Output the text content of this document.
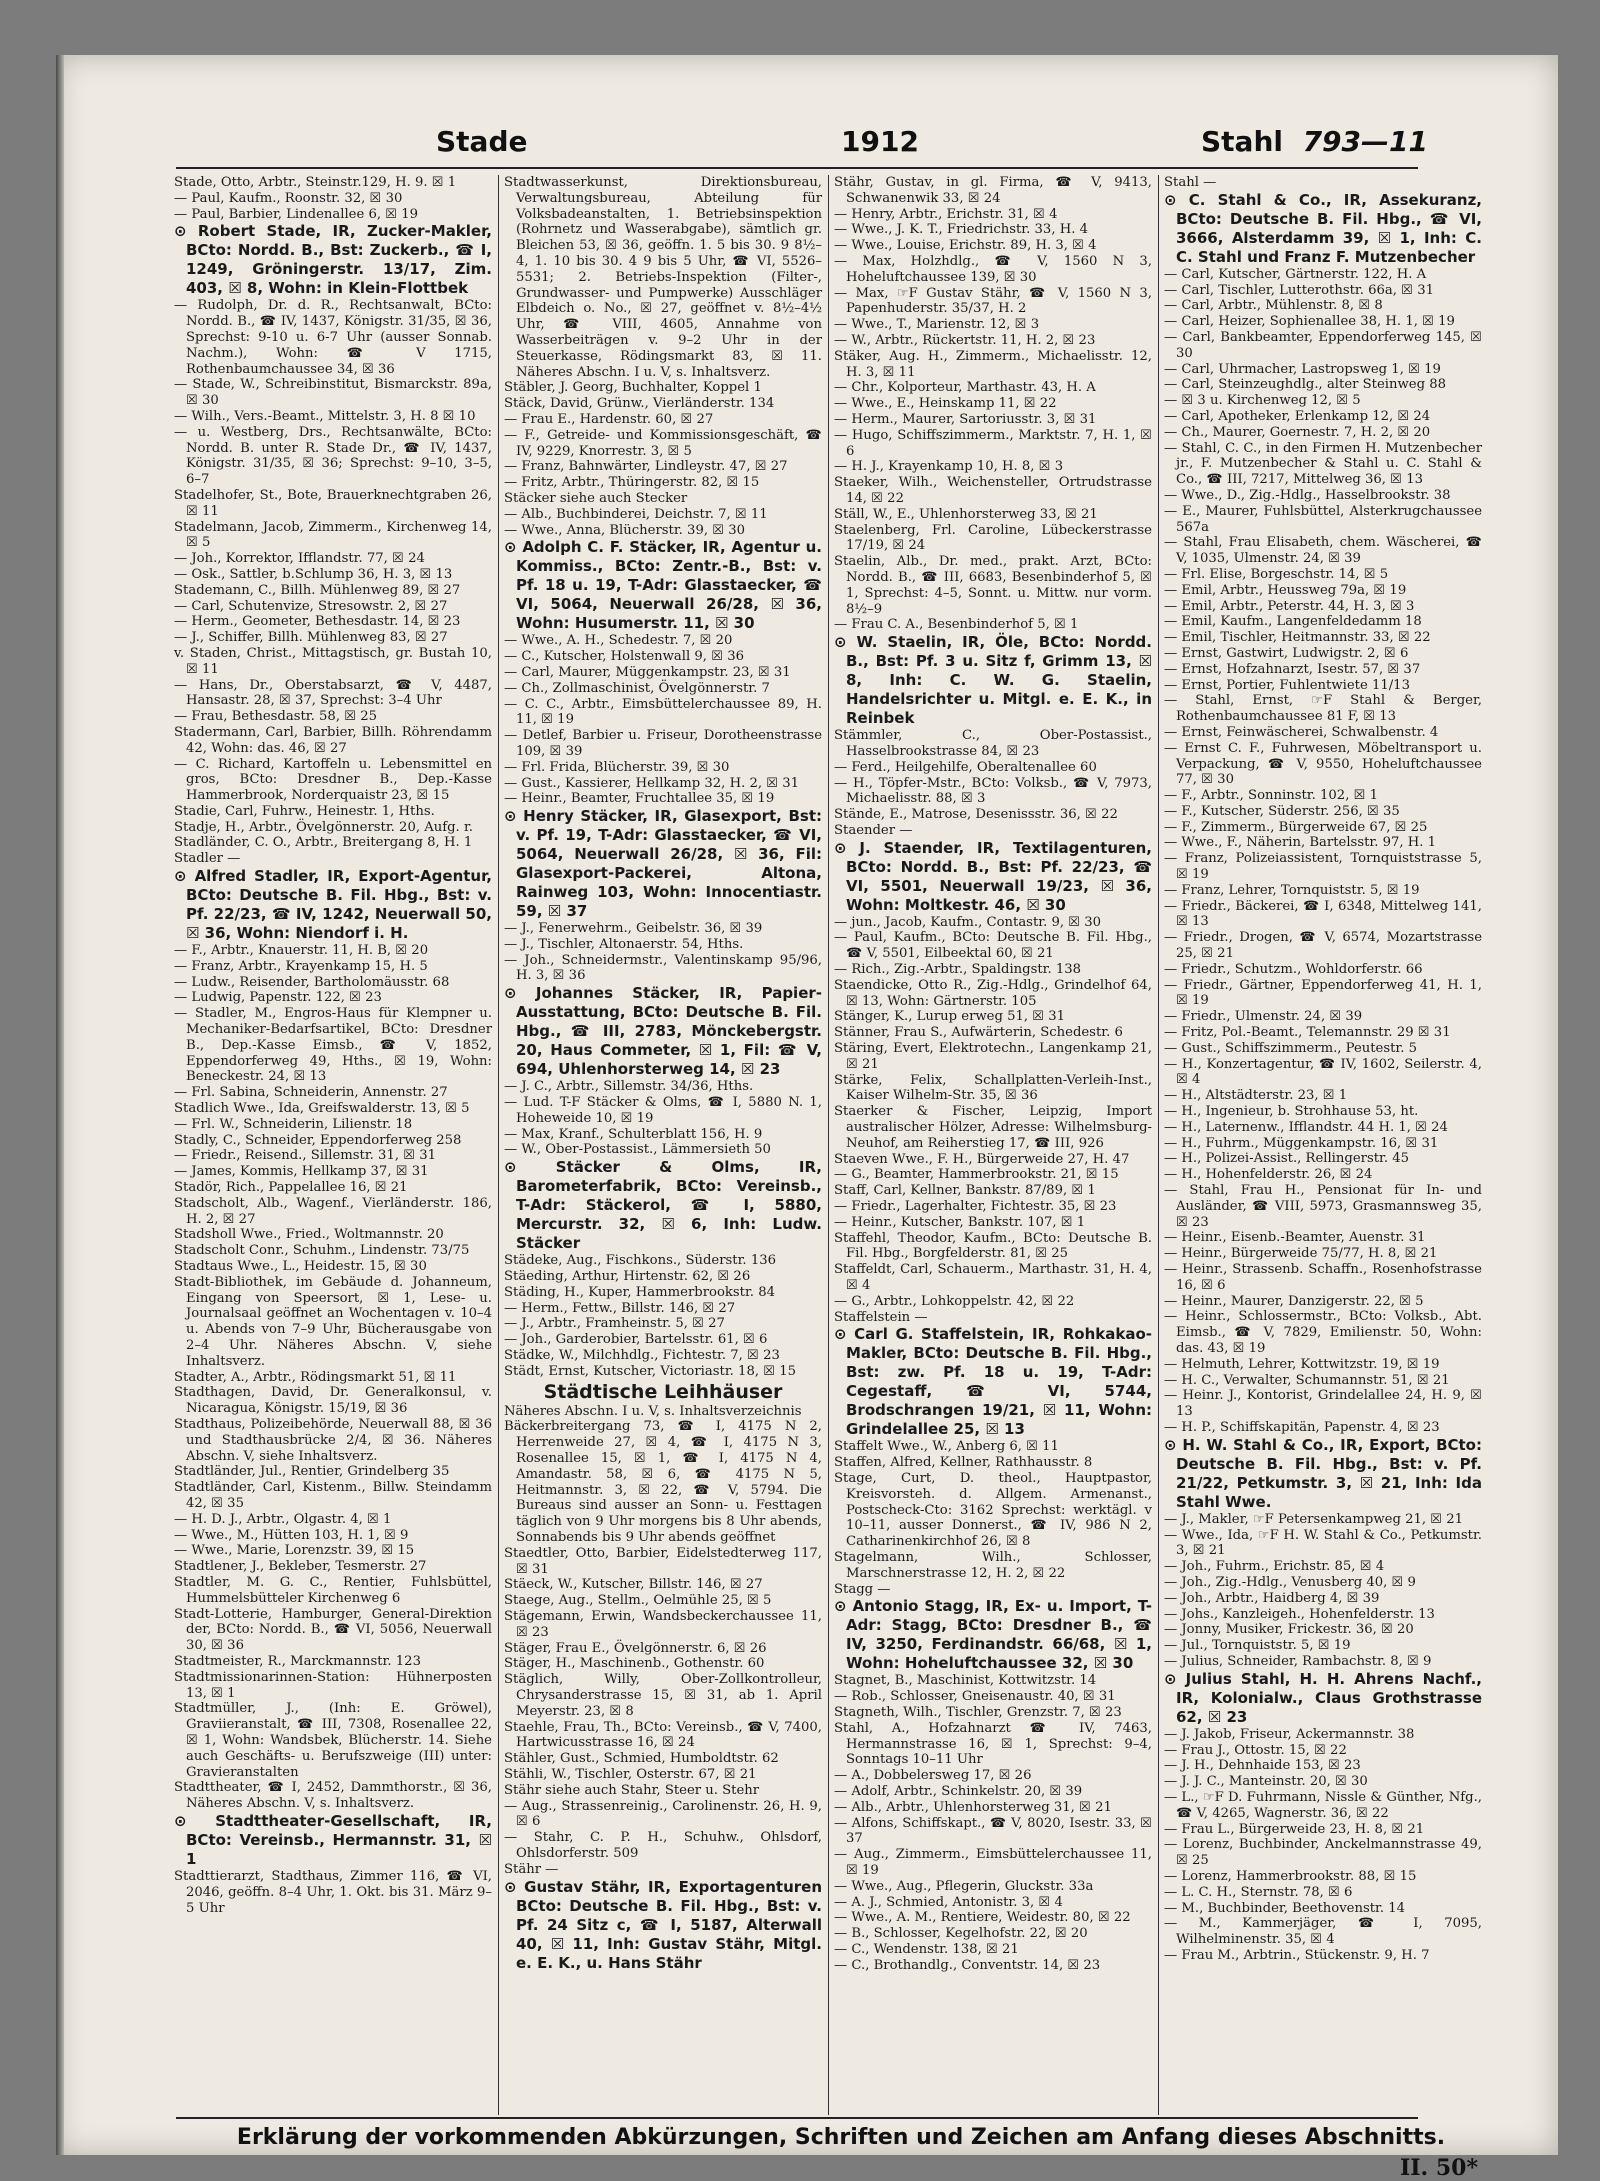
Stade	1912	Stahl 793—11

Stade, Otto, Arbtr., Steinstr.129, H. 9. ☒ 1

— Paul, Kaufm., Roonstr. 32, ☒ 30

— Paul, Barbier, Lindenallee 6, ☒ 19

⊙ Robert Stade, IR, Zucker-Makler, BCto: Nordd. B., Bst: Zuckerb., ☎ I, 1249, Gröningerstr. 13/17, Zim. 403, ☒ 8, Wohn: in Klein-Flottbek

— Rudolph, Dr. d. R., Rechtsanwalt, BCto: Nordd. B., ☎ IV, 1437, Königstr. 31/35, ☒ 36, Sprechst: 9-10 u. 6-7 Uhr (ausser Sonnab. Nachm.), Wohn: ☎ V 1715, Rothenbaumchaussee 34, ☒ 36

— Stade, W., Schreibinstitut, Bismarckstr. 89a, ☒ 30

— Wilh., Vers.-Beamt., Mittelstr. 3, H. 8 ☒ 10

— u. Westberg, Drs., Rechtsanwälte, BCto: Nordd. B. unter R. Stade Dr., ☎ IV, 1437, Königstr. 31/35, ☒ 36; Sprechst: 9–10, 3–5, 6–7

Stadelhofer, St., Bote, Brauerknechtgraben 26, ☒ 11

Stadelmann, Jacob, Zimmerm., Kirchenweg 14, ☒ 5

— Joh., Korrektor, Ifflandstr. 77, ☒ 24

— Osk., Sattler, b.Schlump 36, H. 3, ☒ 13

Stademann, C., Billh. Mühlenweg 89, ☒ 27

— Carl, Schutenvize, Stresowstr. 2, ☒ 27

— Herm., Geometer, Bethesdastr. 14, ☒ 23

— J., Schiffer, Billh. Mühlenweg 83, ☒ 27

v. Staden, Christ., Mittagstisch, gr. Bustah 10, ☒ 11

— Hans, Dr., Oberstabsarzt, ☎ V, 4487, Hansastr. 28, ☒ 37, Sprechst: 3–4 Uhr

— Frau, Bethesdastr. 58, ☒ 25

Stadermann, Carl, Barbier, Billh. Röhrendamm 42, Wohn: das. 46, ☒ 27

— C. Richard, Kartoffeln u. Lebensmittel en gros, BCto: Dresdner B., Dep.-Kasse Hammerbrook, Norderquaistr 23, ☒ 15

Stadie, Carl, Fuhrw., Heinestr. 1, Hths.

Stadje, H., Arbtr., Övelgönnerstr. 20, Aufg. r.

Stadländer, C. O., Arbtr., Breitergang 8, H. 1

Stadler —

⊙ Alfred Stadler, IR, Export-Agentur, BCto: Deutsche B. Fil. Hbg., Bst: v. Pf. 22/23, ☎ IV, 1242, Neuerwall 50, ☒ 36, Wohn: Niendorf i. H.

— F., Arbtr., Knauerstr. 11, H. B, ☒ 20

— Franz, Arbtr., Krayenkamp 15, H. 5

— Ludw., Reisender, Bartholomäusstr. 68

— Ludwig, Papenstr. 122, ☒ 23

— Stadler, M., Engros-Haus für Klempner u. Mechaniker-Bedarfsartikel, BCto: Dresdner B., Dep.-Kasse Eimsb., ☎ V, 1852, Eppendorferweg 49, Hths., ☒ 19, Wohn: Beneckestr. 24, ☒ 13

— Frl. Sabina, Schneiderin, Annenstr. 27

Stadlich Wwe., Ida, Greifswalderstr. 13, ☒ 5

— Frl. W., Schneiderin, Lilienstr. 18

Stadly, C., Schneider, Eppendorferweg 258

— Friedr., Reisend., Sillemstr. 31, ☒ 31

— James, Kommis, Hellkamp 37, ☒ 31

Stadör, Rich., Pappelallee 16, ☒ 21

Stadscholt, Alb., Wagenf., Vierländerstr. 186, H. 2, ☒ 27

Stadsholl Wwe., Fried., Woltmannstr. 20

Stadscholt Conr., Schuhm., Lindenstr. 73/75

Stadtaus Wwe., L., Heidestr. 15, ☒ 30

Stadt-Bibliothek, im Gebäude d. Johanneum, Eingang von Speersort, ☒ 1, Lese- u. Journalsaal geöffnet an Wochentagen v. 10–4 u. Abends von 7–9 Uhr, Bücherausgabe von 2–4 Uhr. Näheres Abschn. V, siehe Inhaltsverz.

Stadter, A., Arbtr., Rödingsmarkt 51, ☒ 11

Stadthagen, David, Dr. Generalkonsul, v. Nicaragua, Königstr. 15/19, ☒ 36

Stadthaus, Polizeibehörde, Neuerwall 88, ☒ 36 und Stadthausbrücke 2/4, ☒ 36. Näheres Abschn. V, siehe Inhaltsverz.

Stadtländer, Jul., Rentier, Grindelberg 35

Stadtländer, Carl, Kistenm., Billw. Steindamm 42, ☒ 35

— H. D. J., Arbtr., Olgastr. 4, ☒ 1

— Wwe., M., Hütten 103, H. 1, ☒ 9

— Wwe., Marie, Lorenzstr. 39, ☒ 15

Stadtlener, J., Bekleber, Tesmerstr. 27

Stadtler, M. G. C., Rentier, Fuhlsbüttel, Hummelsbütteler Kirchenweg 6

Stadt-Lotterie, Hamburger, General-Direktion der, BCto: Nordd. B., ☎ VI, 5056, Neuerwall 30, ☒ 36

Stadtmeister, R., Marckmannstr. 123

Stadtmissionarinnen-Station: Hühnerposten 13, ☒ 1

Stadtmüller, J., (Inh: E. Gröwel), Graviieranstalt, ☎ III, 7308, Rosenallee 22, ☒ 1, Wohn: Wandsbek, Blücherstr. 14. Siehe auch Geschäfts- u. Berufszweige (III) unter: Gravieranstalten

Stadttheater, ☎ I, 2452, Dammthorstr., ☒ 36, Näheres Abschn. V, s. Inhaltsverz.

⊙ Stadttheater-Gesellschaft, IR, BCto: Vereinsb., Hermannstr. 31, ☒ 1

Stadttierarzt, Stadthaus, Zimmer 116, ☎ VI, 2046, geöffn. 8–4 Uhr, 1. Okt. bis 31. März 9–5 Uhr

Stadtwasserkunst, Direktionsbureau, Verwaltungsbureau, Abteilung für Volksbadeanstalten, 1. Betriebsinspektion (Rohrnetz und Wasserabgabe), sämtlich gr. Bleichen 53, ☒ 36, geöffn. 1. 5 bis 30. 9 8½–4, 1. 10 bis 30. 4 9 bis 5 Uhr, ☎ VI, 5526–5531; 2. Betriebs-Inspektion (Filter-, Grundwasser- und Pumpwerke) Ausschläger Elbdeich o. No., ☒ 27, geöffnet v. 8½–4½ Uhr, ☎ VIII, 4605, Annahme von Wasserbeiträgen v. 9–2 Uhr in der Steuerkasse, Rödingsmarkt 83, ☒ 11. Näheres Abschn. I u. V, s. Inhaltsverz.

Stäbler, J. Georg, Buchhalter, Koppel 1

Stäck, David, Grünw., Vierländerstr. 134

— Frau E., Hardenstr. 60, ☒ 27

— F., Getreide- und Kommissionsgeschäft, ☎ IV, 9229, Knorrestr. 3, ☒ 5

— Franz, Bahnwärter, Lindleystr. 47, ☒ 27

— Fritz, Arbtr., Thüringerstr. 82, ☒ 15

Stäcker siehe auch Stecker

— Alb., Buchbinderei, Deichstr. 7, ☒ 11

— Wwe., Anna, Blücherstr. 39, ☒ 30

⊙ Adolph C. F. Stäcker, IR, Agentur u. Kommiss., BCto: Zentr.-B., Bst: v. Pf. 18 u. 19, T-Adr: Glasstaecker, ☎ VI, 5064, Neuerwall 26/28, ☒ 36, Wohn: Husumerstr. 11, ☒ 30

— Wwe., A. H., Schedestr. 7, ☒ 20

— C., Kutscher, Holstenwall 9, ☒ 36

— Carl, Maurer, Müggenkampstr. 23, ☒ 31

— Ch., Zollmaschinist, Övelgönnerstr. 7

— C. C., Arbtr., Eimsbüttelerchaussee 89, H. 11, ☒ 19

— Detlef, Barbier u. Friseur, Dorotheenstrasse 109, ☒ 39

— Frl. Frida, Blücherstr. 39, ☒ 30

— Gust., Kassierer, Hellkamp 32, H. 2, ☒ 31

— Heinr., Beamter, Fruchtallee 35, ☒ 19

⊙ Henry Stäcker, IR, Glasexport, Bst: v. Pf. 19, T-Adr: Glasstaecker, ☎ VI, 5064, Neuerwall 26/28, ☒ 36, Fil: Glasexport-Packerei, Altona, Rainweg 103, Wohn: Innocentiastr. 59, ☒ 37

— J., Fenerwehrm., Geibelstr. 36, ☒ 39

— J., Tischler, Altonaerstr. 54, Hths.

— Joh., Schneidermstr., Valentinskamp 95/96, H. 3, ☒ 36

⊙ Johannes Stäcker, IR, Papier-Ausstattung, BCto: Deutsche B. Fil. Hbg., ☎ III, 2783, Mönckebergstr. 20, Haus Commeter, ☒ 1, Fil: ☎ V, 694, Uhlenhorsterweg 14, ☒ 23

— J. C., Arbtr., Sillemstr. 34/36, Hths.

— Lud. T-F Stäcker & Olms, ☎ I, 5880 N. 1, Hoheweide 10, ☒ 19

— Max, Kranf., Schulterblatt 156, H. 9

— W., Ober-Postassist., Lämmersieth 50

⊙ Stäcker & Olms, IR, Barometerfabrik, BCto: Vereinsb., T-Adr: Stäckerol, ☎ I, 5880, Mercurstr. 32, ☒ 6, Inh: Ludw. Stäcker

Städeke, Aug., Fischkons., Süderstr. 136

Stäeding, Arthur, Hirtenstr. 62, ☒ 26

Städing, H., Kuper, Hammerbrookstr. 84

— Herm., Fettw., Billstr. 146, ☒ 27

— J., Arbtr., Framheinstr. 5, ☒ 27

— Joh., Garderobier, Bartelsstr. 61, ☒ 6

Städke, W., Milchhdlg., Fichtestr. 7, ☒ 23

Städt, Ernst, Kutscher, Victoriastr. 18, ☒ 15

Städtische Leihhäuser

Näheres Abschn. I u. V, s. Inhaltsverzeichnis

Bäckerbreitergang 73, ☎ I, 4175 N 2, Herrenweide 27, ☒ 4, ☎ I, 4175 N 3, Rosenallee 15, ☒ 1, ☎ I, 4175 N 4, Amandastr. 58, ☒ 6, ☎ 4175 N 5, Heitmannstr. 3, ☒ 22, ☎ V, 5794. Die Bureaus sind ausser an Sonn- u. Festtagen täglich von 9 Uhr morgens bis 8 Uhr abends, Sonnabends bis 9 Uhr abends geöffnet

Staedtler, Otto, Barbier, Eidelstedterweg 117, ☒ 31

Stäeck, W., Kutscher, Billstr. 146, ☒ 27

Staege, Aug., Stellm., Oelmühle 25, ☒ 5

Stägemann, Erwin, Wandsbeckerchaussee 11, ☒ 23

Stäger, Frau E., Övelgönnerstr. 6, ☒ 26

Stäger, H., Maschinenb., Gothenstr. 60

Stäglich, Willy, Ober-Zollkontrolleur, Chrysanderstrasse 15, ☒ 31, ab 1. April Meyerstr. 23, ☒ 8

Staehle, Frau, Th., BCto: Vereinsb., ☎ V, 7400, Hartwicusstrasse 16, ☒ 24

Stähler, Gust., Schmied, Humboldtstr. 62

Stähli, W., Tischler, Osterstr. 67, ☒ 21

Stähr siehe auch Stahr, Steer u. Stehr

— Aug., Strassenreinig., Carolinenstr. 26, H. 9, ☒ 6

— Stahr, C. P. H., Schuhw., Ohlsdorf, Ohlsdorferstr. 509

Stähr —

⊙ Gustav Stähr, IR, Exportagenturen BCto: Deutsche B. Fil. Hbg., Bst: v. Pf. 24 Sitz c, ☎ I, 5187, Alterwall 40, ☒ 11, Inh: Gustav Stähr, Mitgl. e. E. K., u. Hans Stähr

Stähr, Gustav, in gl. Firma, ☎ V, 9413, Schwanenwik 33, ☒ 24

— Henry, Arbtr., Erichstr. 31, ☒ 4

— Wwe., J. K. T., Friedrichstr. 33, H. 4

— Wwe., Louise, Erichstr. 89, H. 3, ☒ 4

— Max, Holzhdlg., ☎ V, 1560 N 3, Hoheluftchaussee 139, ☒ 30

— Max, ☞F Gustav Stähr, ☎ V, 1560 N 3, Papenhuderstr. 35/37, H. 2

— Wwe., T., Marienstr. 12, ☒ 3

— W., Arbtr., Rückertstr. 11, H. 2, ☒ 23

Stäker, Aug. H., Zimmerm., Michaelisstr. 12, H. 3, ☒ 11

— Chr., Kolporteur, Marthastr. 43, H. A

— Wwe., E., Heinskamp 11, ☒ 22

— Herm., Maurer, Sartoriusstr. 3, ☒ 31

— Hugo, Schiffszimmerm., Marktstr. 7, H. 1, ☒ 6

— H. J., Krayenkamp 10, H. 8, ☒ 3

Staeker, Wilh., Weichensteller, Ortrudstrasse 14, ☒ 22

Ställ, W., E., Uhlenhorsterweg 33, ☒ 21

Staelenberg, Frl. Caroline, Lübeckerstrasse 17/19, ☒ 24

Staelin, Alb., Dr. med., prakt. Arzt, BCto: Nordd. B., ☎ III, 6683, Besenbinderhof 5, ☒ 1, Sprechst: 4–5, Sonnt. u. Mittw. nur vorm. 8½–9

— Frau C. A., Besenbinderhof 5, ☒ 1

⊙ W. Staelin, IR, Öle, BCto: Nordd. B., Bst: Pf. 3 u. Sitz f, Grimm 13, ☒ 8, Inh: C. W. G. Staelin, Handelsrichter u. Mitgl. e. E. K., in Reinbek

Stämmler, C., Ober-Postassist., Hasselbrookstrasse 84, ☒ 23

— Ferd., Heilgehilfe, Oberaltenallee 60

— H., Töpfer-Mstr., BCto: Volksb., ☎ V, 7973, Michaelisstr. 88, ☒ 3

Stände, E., Matrose, Desenissstr. 36, ☒ 22

Staender —

⊙ J. Staender, IR, Textilagenturen, BCto: Nordd. B., Bst: Pf. 22/23, ☎ VI, 5501, Neuerwall 19/23, ☒ 36, Wohn: Moltkestr. 46, ☒ 30

— jun., Jacob, Kaufm., Contastr. 9, ☒ 30

— Paul, Kaufm., BCto: Deutsche B. Fil. Hbg., ☎ V, 5501, Eilbeektal 60, ☒ 21

— Rich., Zig.-Arbtr., Spaldingstr. 138

Staendicke, Otto R., Zig.-Hdlg., Grindelhof 64, ☒ 13, Wohn: Gärtnerstr. 105

Stänger, K., Lurup erweg 51, ☒ 31

Stänner, Frau S., Aufwärterin, Schedestr. 6

Stäring, Evert, Elektrotechn., Langenkamp 21, ☒ 21

Stärke, Felix, Schallplatten-Verleih-Inst., Kaiser Wilhelm-Str. 35, ☒ 36

Staerker & Fischer, Leipzig, Import australischer Hölzer, Adresse: Wilhelmsburg-Neuhof, am Reiherstieg 17, ☎ III, 926

Staeven Wwe., F. H., Bürgerweide 27, H. 47

— G., Beamter, Hammerbrookstr. 21, ☒ 15

Staff, Carl, Kellner, Bankstr. 87/89, ☒ 1

— Friedr., Lagerhalter, Fichtestr. 35, ☒ 23

— Heinr., Kutscher, Bankstr. 107, ☒ 1

Staffehl, Theodor, Kaufm., BCto: Deutsche B. Fil. Hbg., Borgfelderstr. 81, ☒ 25

Staffeldt, Carl, Schauerm., Marthastr. 31, H. 4, ☒ 4

— G., Arbtr., Lohkoppelstr. 42, ☒ 22

Staffelstein —

⊙ Carl G. Staffelstein, IR, Rohkakao-Makler, BCto: Deutsche B. Fil. Hbg., Bst: zw. Pf. 18 u. 19, T-Adr: Cegestaff, ☎ VI, 5744, Brodschrangen 19/21, ☒ 11, Wohn: Grindelallee 25, ☒ 13

Staffelt Wwe., W., Anberg 6, ☒ 11

Staffen, Alfred, Kellner, Rathhausstr. 8

Stage, Curt, D. theol., Hauptpastor, Kreisvorsteh. d. Allgem. Armenanst., Postscheck-Cto: 3162 Sprechst: werktägl. v 10–11, ausser Donnerst., ☎ IV, 986 N 2, Catharinenkirchhof 26, ☒ 8

Stagelmann, Wilh., Schlosser, Marschnerstrasse 12, H. 2, ☒ 22

Stagg —

⊙ Antonio Stagg, IR, Ex- u. Import, T-Adr: Stagg, BCto: Dresdner B., ☎ IV, 3250, Ferdinandstr. 66/68, ☒ 1, Wohn: Hoheluftchaussee 32, ☒ 30

Stagnet, B., Maschinist, Kottwitzstr. 14

— Rob., Schlosser, Gneisenaustr. 40, ☒ 31

Stagneth, Wilh., Tischler, Grenzstr. 7, ☒ 23

Stahl, A., Hofzahnarzt ☎ IV, 7463, Hermannstrasse 16, ☒ 1, Sprechst: 9–4, Sonntags 10–11 Uhr

— A., Dobbelersweg 17, ☒ 26

— Adolf, Arbtr., Schinkelstr. 20, ☒ 39

— Alb., Arbtr., Uhlenhorsterweg 31, ☒ 21

— Alfons, Schiffskapt., ☎ V, 8020, Isestr. 33, ☒ 37

— Aug., Zimmerm., Eimsbüttelerchaussee 11, ☒ 19

— Wwe., Aug., Pflegerin, Gluckstr. 33a

— A. J., Schmied, Antonistr. 3, ☒ 4

— Wwe., A. M., Rentiere, Weidestr. 80, ☒ 22

— B., Schlosser, Kegelhofstr. 22, ☒ 20

— C., Wendenstr. 138, ☒ 21

— C., Brothandlg., Conventstr. 14, ☒ 23

Stahl —

⊙ C. Stahl & Co., IR, Assekuranz, BCto: Deutsche B. Fil. Hbg., ☎ VI, 3666, Alsterdamm 39, ☒ 1, Inh: C. C. Stahl und Franz F. Mutzenbecher

— Carl, Kutscher, Gärtnerstr. 122, H. A

— Carl, Tischler, Lutterothstr. 66a, ☒ 31

— Carl, Arbtr., Mühlenstr. 8, ☒ 8

— Carl, Heizer, Sophienallee 38, H. 1, ☒ 19

— Carl, Bankbeamter, Eppendorferweg 145, ☒ 30

— Carl, Uhrmacher, Lastropsweg 1, ☒ 19

— Carl, Steinzeughdlg., alter Steinweg 88

— ☒ 3 u. Kirchenweg 12, ☒ 5

— Carl, Apotheker, Erlenkamp 12, ☒ 24

— Ch., Maurer, Goernestr. 7, H. 2, ☒ 20

— Stahl, C. C., in den Firmen H. Mutzenbecher jr., F. Mutzenbecher & Stahl u. C. Stahl & Co., ☎ III, 7217, Mittelweg 36, ☒ 13

— Wwe., D., Zig.-Hdlg., Hasselbrookstr. 38

— E., Maurer, Fuhlsbüttel, Alsterkrugchaussee 567a

— Stahl, Frau Elisabeth, chem. Wäscherei, ☎ V, 1035, Ulmenstr. 24, ☒ 39

— Frl. Elise, Borgeschstr. 14, ☒ 5

— Emil, Arbtr., Heussweg 79a, ☒ 19

— Emil, Arbtr., Peterstr. 44, H. 3, ☒ 3

— Emil, Kaufm., Langenfeldedamm 18

— Emil, Tischler, Heitmannstr. 33, ☒ 22

— Ernst, Gastwirt, Ludwigstr. 2, ☒ 6

— Ernst, Hofzahnarzt, Isestr. 57, ☒ 37

— Ernst, Portier, Fuhlentwiete 11/13

— Stahl, Ernst, ☞F Stahl & Berger, Rothenbaumchaussee 81 F, ☒ 13

— Ernst, Feinwäscherei, Schwalbenstr. 4

— Ernst C. F., Fuhrwesen, Möbeltransport u. Verpackung, ☎ V, 9550, Hoheluftchaussee 77, ☒ 30

— F., Arbtr., Sonninstr. 102, ☒ 1

— F., Kutscher, Süderstr. 256, ☒ 35

— F., Zimmerm., Bürgerweide 67, ☒ 25

— Wwe., F., Näherin, Bartelsstr. 97, H. 1

— Franz, Polizeiassistent, Tornquiststrasse 5, ☒ 19

— Franz, Lehrer, Tornquiststr. 5, ☒ 19

— Friedr., Bäckerei, ☎ I, 6348, Mittelweg 141, ☒ 13

— Friedr., Drogen, ☎ V, 6574, Mozartstrasse 25, ☒ 21

— Friedr., Schutzm., Wohldorferstr. 66

— Friedr., Gärtner, Eppendorferweg 41, H. 1, ☒ 19

— Friedr., Ulmenstr. 24, ☒ 39

— Fritz, Pol.-Beamt., Telemannstr. 29 ☒ 31

— Gust., Schiffszimmerm., Peutestr. 5

— H., Konzertagentur, ☎ IV, 1602, Seilerstr. 4, ☒ 4

— H., Altstädterstr. 23, ☒ 1

— H., Ingenieur, b. Strohhause 53, ht.

— H., Laternenw., Ifflandstr. 44 H. 1, ☒ 24

— H., Fuhrm., Müggenkampstr. 16, ☒ 31

— H., Polizei-Assist., Rellingerstr. 45

— H., Hohenfelderstr. 26, ☒ 24

— Stahl, Frau H., Pensionat für In- und Ausländer, ☎ VIII, 5973, Grasmannsweg 35, ☒ 23

— Heinr., Eisenb.-Beamter, Auenstr. 31

— Heinr., Bürgerweide 75/77, H. 8, ☒ 21

— Heinr., Strassenb. Schaffn., Rosenhofstrasse 16, ☒ 6

— Heinr., Maurer, Danzigerstr. 22, ☒ 5

— Heinr., Schlossermstr., BCto: Volksb., Abt. Eimsb., ☎ V, 7829, Emilienstr. 50, Wohn: das. 43, ☒ 19

— Helmuth, Lehrer, Kottwitzstr. 19, ☒ 19

— H. C., Verwalter, Schumannstr. 51, ☒ 21

— Heinr. J., Kontorist, Grindelallee 24, H. 9, ☒ 13

— H. P., Schiffskapitän, Papenstr. 4, ☒ 23

⊙ H. W. Stahl & Co., IR, Export, BCto: Deutsche B. Fil. Hbg., Bst: v. Pf. 21/22, Petkumstr. 3, ☒ 21, Inh: Ida Stahl Wwe.

— J., Makler, ☞F Petersenkampweg 21, ☒ 21

— Wwe., Ida, ☞F H. W. Stahl & Co., Petkumstr. 3, ☒ 21

— Joh., Fuhrm., Erichstr. 85, ☒ 4

— Joh., Zig.-Hdlg., Venusberg 40, ☒ 9

— Joh., Arbtr., Haidberg 4, ☒ 39

— Johs., Kanzleigeh., Hohenfelderstr. 13

— Jonny, Musiker, Frickestr. 36, ☒ 20

— Jul., Tornquiststr. 5, ☒ 19

— Julius, Schneider, Rambachstr. 8, ☒ 9

⊙ Julius Stahl, H. H. Ahrens Nachf., IR, Kolonialw., Claus Grothstrasse 62, ☒ 23

— J. Jakob, Friseur, Ackermannstr. 38

— Frau J., Ottostr. 15, ☒ 22

— J. H., Dehnhaide 153, ☒ 23

— J. J. C., Manteinstr. 20, ☒ 30

— L., ☞F D. Fuhrmann, Nissle & Günther, Nfg., ☎ V, 4265, Wagnerstr. 36, ☒ 22

— Frau L., Bürgerweide 23, H. 8, ☒ 21

— Lorenz, Buchbinder, Anckelmannstrasse 49, ☒ 25

— Lorenz, Hammerbrookstr. 88, ☒ 15

— L. C. H., Sternstr. 78, ☒ 6

— M., Buchbinder, Beethovenstr. 14

— M., Kammerjäger, ☎ I, 7095, Wilhelminenstr. 35, ☒ 4

— Frau M., Arbtrin., Stückenstr. 9, H. 7

Erklärung der vorkommenden Abkürzungen, Schriften und Zeichen am Anfang dieses Abschnitts.
II. 50*
